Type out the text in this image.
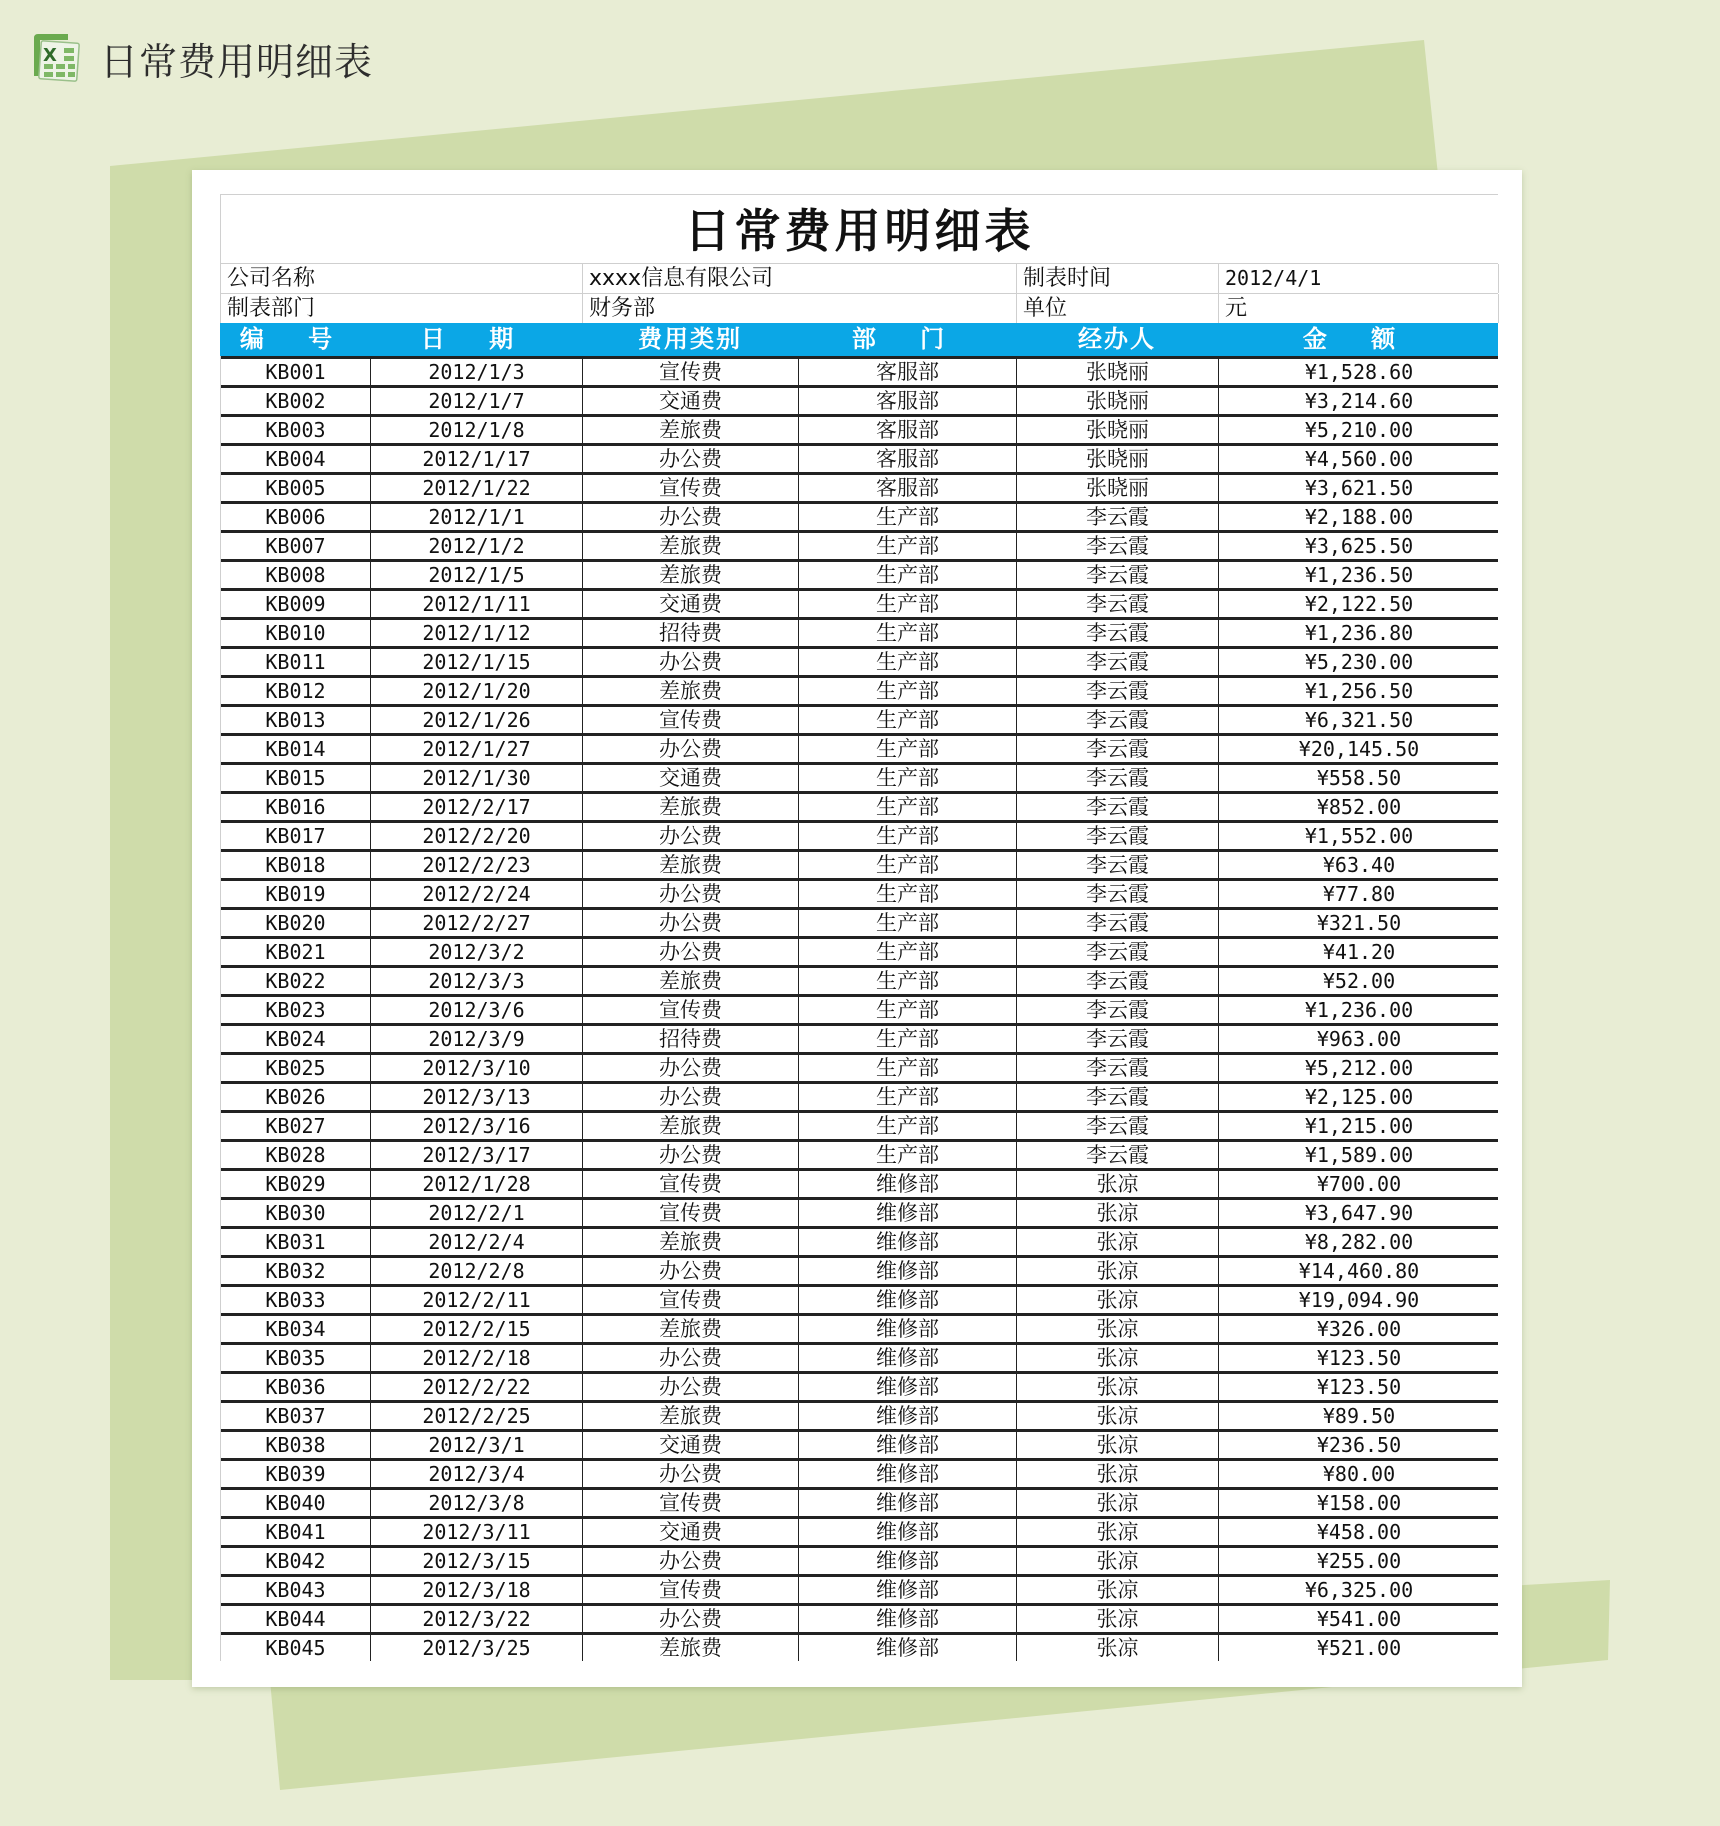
X 日常费用明细表
日常费用明细表
公司名称	xxxx信息有限公司	制表时间	2012/4/1
制表部门	财务部	单位	元
编 号	日 期	费用类别	部 门	经办人	金 额
KB001	2012/1/3	宣传费	客服部	张晓丽	¥1,528.60
KB002	2012/1/7	交通费	客服部	张晓丽	¥3,214.60
KB003	2012/1/8	差旅费	客服部	张晓丽	¥5,210.00
KB004	2012/1/17	办公费	客服部	张晓丽	¥4,560.00
KB005	2012/1/22	宣传费	客服部	张晓丽	¥3,621.50
KB006	2012/1/1	办公费	生产部	李云霞	¥2,188.00
KB007	2012/1/2	差旅费	生产部	李云霞	¥3,625.50
KB008	2012/1/5	差旅费	生产部	李云霞	¥1,236.50
KB009	2012/1/11	交通费	生产部	李云霞	¥2,122.50
KB010	2012/1/12	招待费	生产部	李云霞	¥1,236.80
KB011	2012/1/15	办公费	生产部	李云霞	¥5,230.00
KB012	2012/1/20	差旅费	生产部	李云霞	¥1,256.50
KB013	2012/1/26	宣传费	生产部	李云霞	¥6,321.50
KB014	2012/1/27	办公费	生产部	李云霞	¥20,145.50
KB015	2012/1/30	交通费	生产部	李云霞	¥558.50
KB016	2012/2/17	差旅费	生产部	李云霞	¥852.00
KB017	2012/2/20	办公费	生产部	李云霞	¥1,552.00
KB018	2012/2/23	差旅费	生产部	李云霞	¥63.40
KB019	2012/2/24	办公费	生产部	李云霞	¥77.80
KB020	2012/2/27	办公费	生产部	李云霞	¥321.50
KB021	2012/3/2	办公费	生产部	李云霞	¥41.20
KB022	2012/3/3	差旅费	生产部	李云霞	¥52.00
KB023	2012/3/6	宣传费	生产部	李云霞	¥1,236.00
KB024	2012/3/9	招待费	生产部	李云霞	¥963.00
KB025	2012/3/10	办公费	生产部	李云霞	¥5,212.00
KB026	2012/3/13	办公费	生产部	李云霞	¥2,125.00
KB027	2012/3/16	差旅费	生产部	李云霞	¥1,215.00
KB028	2012/3/17	办公费	生产部	李云霞	¥1,589.00
KB029	2012/1/28	宣传费	维修部	张凉	¥700.00
KB030	2012/2/1	宣传费	维修部	张凉	¥3,647.90
KB031	2012/2/4	差旅费	维修部	张凉	¥8,282.00
KB032	2012/2/8	办公费	维修部	张凉	¥14,460.80
KB033	2012/2/11	宣传费	维修部	张凉	¥19,094.90
KB034	2012/2/15	差旅费	维修部	张凉	¥326.00
KB035	2012/2/18	办公费	维修部	张凉	¥123.50
KB036	2012/2/22	办公费	维修部	张凉	¥123.50
KB037	2012/2/25	差旅费	维修部	张凉	¥89.50
KB038	2012/3/1	交通费	维修部	张凉	¥236.50
KB039	2012/3/4	办公费	维修部	张凉	¥80.00
KB040	2012/3/8	宣传费	维修部	张凉	¥158.00
KB041	2012/3/11	交通费	维修部	张凉	¥458.00
KB042	2012/3/15	办公费	维修部	张凉	¥255.00
KB043	2012/3/18	宣传费	维修部	张凉	¥6,325.00
KB044	2012/3/22	办公费	维修部	张凉	¥541.00
KB045	2012/3/25	差旅费	维修部	张凉	¥521.00
